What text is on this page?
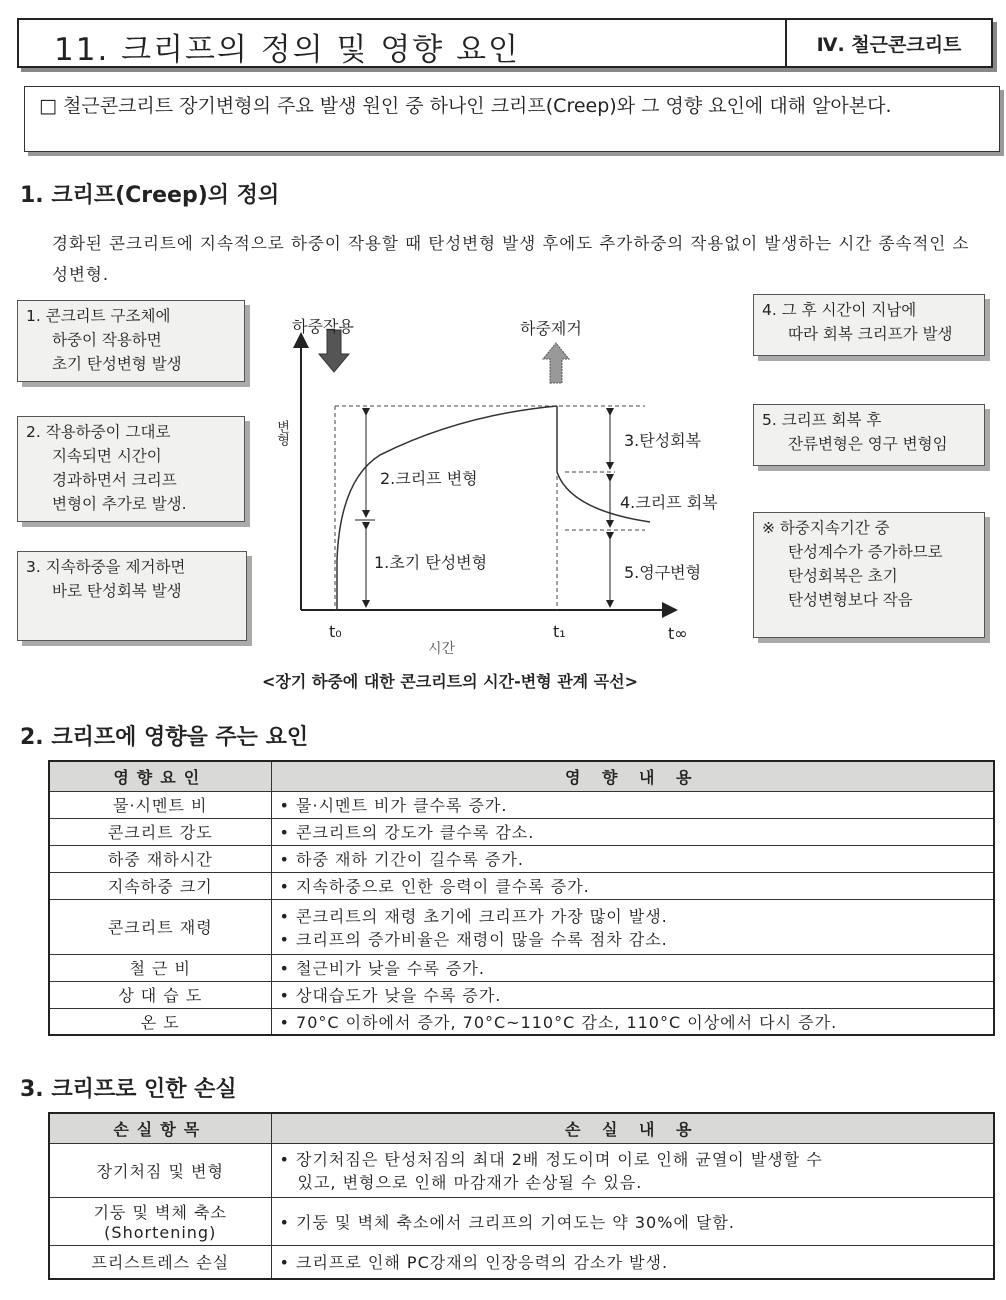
11. 크리프의 정의 및 영향 요인	Ⅳ. 철근콘크리트
□ 철근콘크리트 장기변형의 주요 발생 원인 중 하나인 크리프(Creep)와 그 영향 요인에 대해 알아본다.
1. 크리프(Creep)의 정의
경화된 콘크리트에 지속적으로 하중이 작용할 때 탄성변형 발생 후에도 추가하중의 작용없이 발생하는 시간 종속적인 소성변형.
1. 콘크리트 구조체에
하중이 작용하면
초기 탄성변형 발생
2. 작용하중이 그대로
지속되면 시간이
경과하면서 크리프
변형이 추가로 발생.
3. 지속하중을 제거하면
바로 탄성회복 발생
4. 그 후 시간이 지남에
따라 회복 크리프가 발생
5. 크리프 회복 후
잔류변형은 영구 변형임
※ 하중지속기간 중
탄성계수가 증가하므로
탄성회복은 초기
탄성변형보다 작음
하중작용	하중제거
변형
2.크리프 변형
1.초기 탄성변형
3.탄성회복
4.크리프 회복
5.영구변형
t₀	t₁	t∞
시간
<장기 하중에 대한 콘크리트의 시간-변형 관계 곡선>
2. 크리프에 영향을 주는 요인
영향요인	영 향 내 용

물·시멘트 비	• 물·시멘트 비가 클수록 증가.

콘크리트 강도	• 콘크리트의 강도가 클수록 감소.

하중 재하시간	• 하중 재하 기간이 길수록 증가.

지속하중 크기	• 지속하중으로 인한 응력이 클수록 증가.

콘크리트 재령	• 콘크리트의 재령 초기에 크리프가 가장 많이 발생.
• 크리프의 증가비율은 재령이 많을 수록 점차 감소.

철 근 비	• 철근비가 낮을 수록 증가.

상 대 습 도	• 상대습도가 낮을 수록 증가.

온 도	• 70°C 이하에서 증가, 70°C~110°C 감소, 110°C 이상에서 다시 증가.
3. 크리프로 인한 손실
손실항목	손 실 내 용

장기처짐 및 변형	• 장기처짐은 탄성처짐의 최대 2배 정도이며 이로 인해 균열이 발생할 수
있고, 변형으로 인해 마감재가 손상될 수 있음.

기둥 및 벽체 축소
(Shortening)	• 기둥 및 벽체 축소에서 크리프의 기여도는 약 30%에 달함.

프리스트레스 손실	• 크리프로 인해 PC강재의 인장응력의 감소가 발생.
